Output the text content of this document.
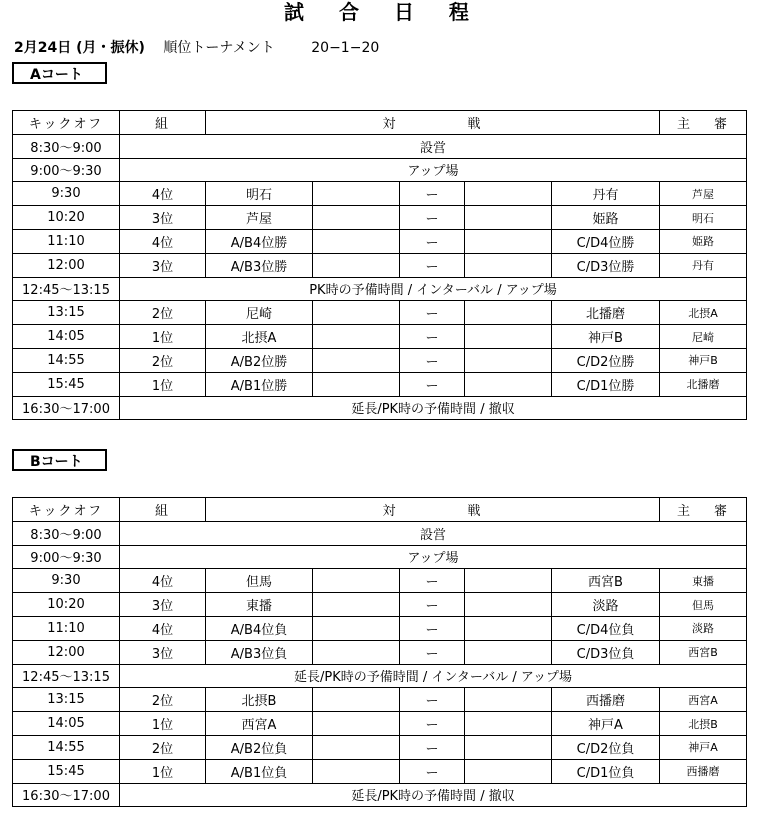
試 合 日 程
2月24日 (月・振休) 順位トーナメント	20−1−20
Aコート
キックオフ	組	対 戦					主 審
8:30〜9:00	設営						
9:00〜9:30	アップ場						
9:30	4位	明石		ー		丹有	芦屋
10:20	3位	芦屋		ー		姫路	明石
11:10	4位	A/B4位勝		ー		C/D4位勝	姫路
12:00	3位	A/B3位勝		ー		C/D3位勝	丹有
12:45〜13:15	PK時の予備時間 / インターバル / アップ場						
13:15	2位	尼崎		ー		北播磨	北摂A
14:05	1位	北摂A		ー		神戸B	尼崎
14:55	2位	A/B2位勝		ー		C/D2位勝	神戸B
15:45	1位	A/B1位勝		ー		C/D1位勝	北播磨
16:30〜17:00	延長/PK時の予備時間 / 撤収						
Bコート
キックオフ	組	対 戦					主 審
8:30〜9:00	設営						
9:00〜9:30	アップ場						
9:30	4位	但馬		ー		西宮B	東播
10:20	3位	東播		ー		淡路	但馬
11:10	4位	A/B4位負		ー		C/D4位負	淡路
12:00	3位	A/B3位負		ー		C/D3位負	西宮B
12:45〜13:15	延長/PK時の予備時間 / インターバル / アップ場						
13:15	2位	北摂B		ー		西播磨	西宮A
14:05	1位	西宮A		ー		神戸A	北摂B
14:55	2位	A/B2位負		ー		C/D2位負	神戸A
15:45	1位	A/B1位負		ー		C/D1位負	西播磨
16:30〜17:00	延長/PK時の予備時間 / 撤収						
